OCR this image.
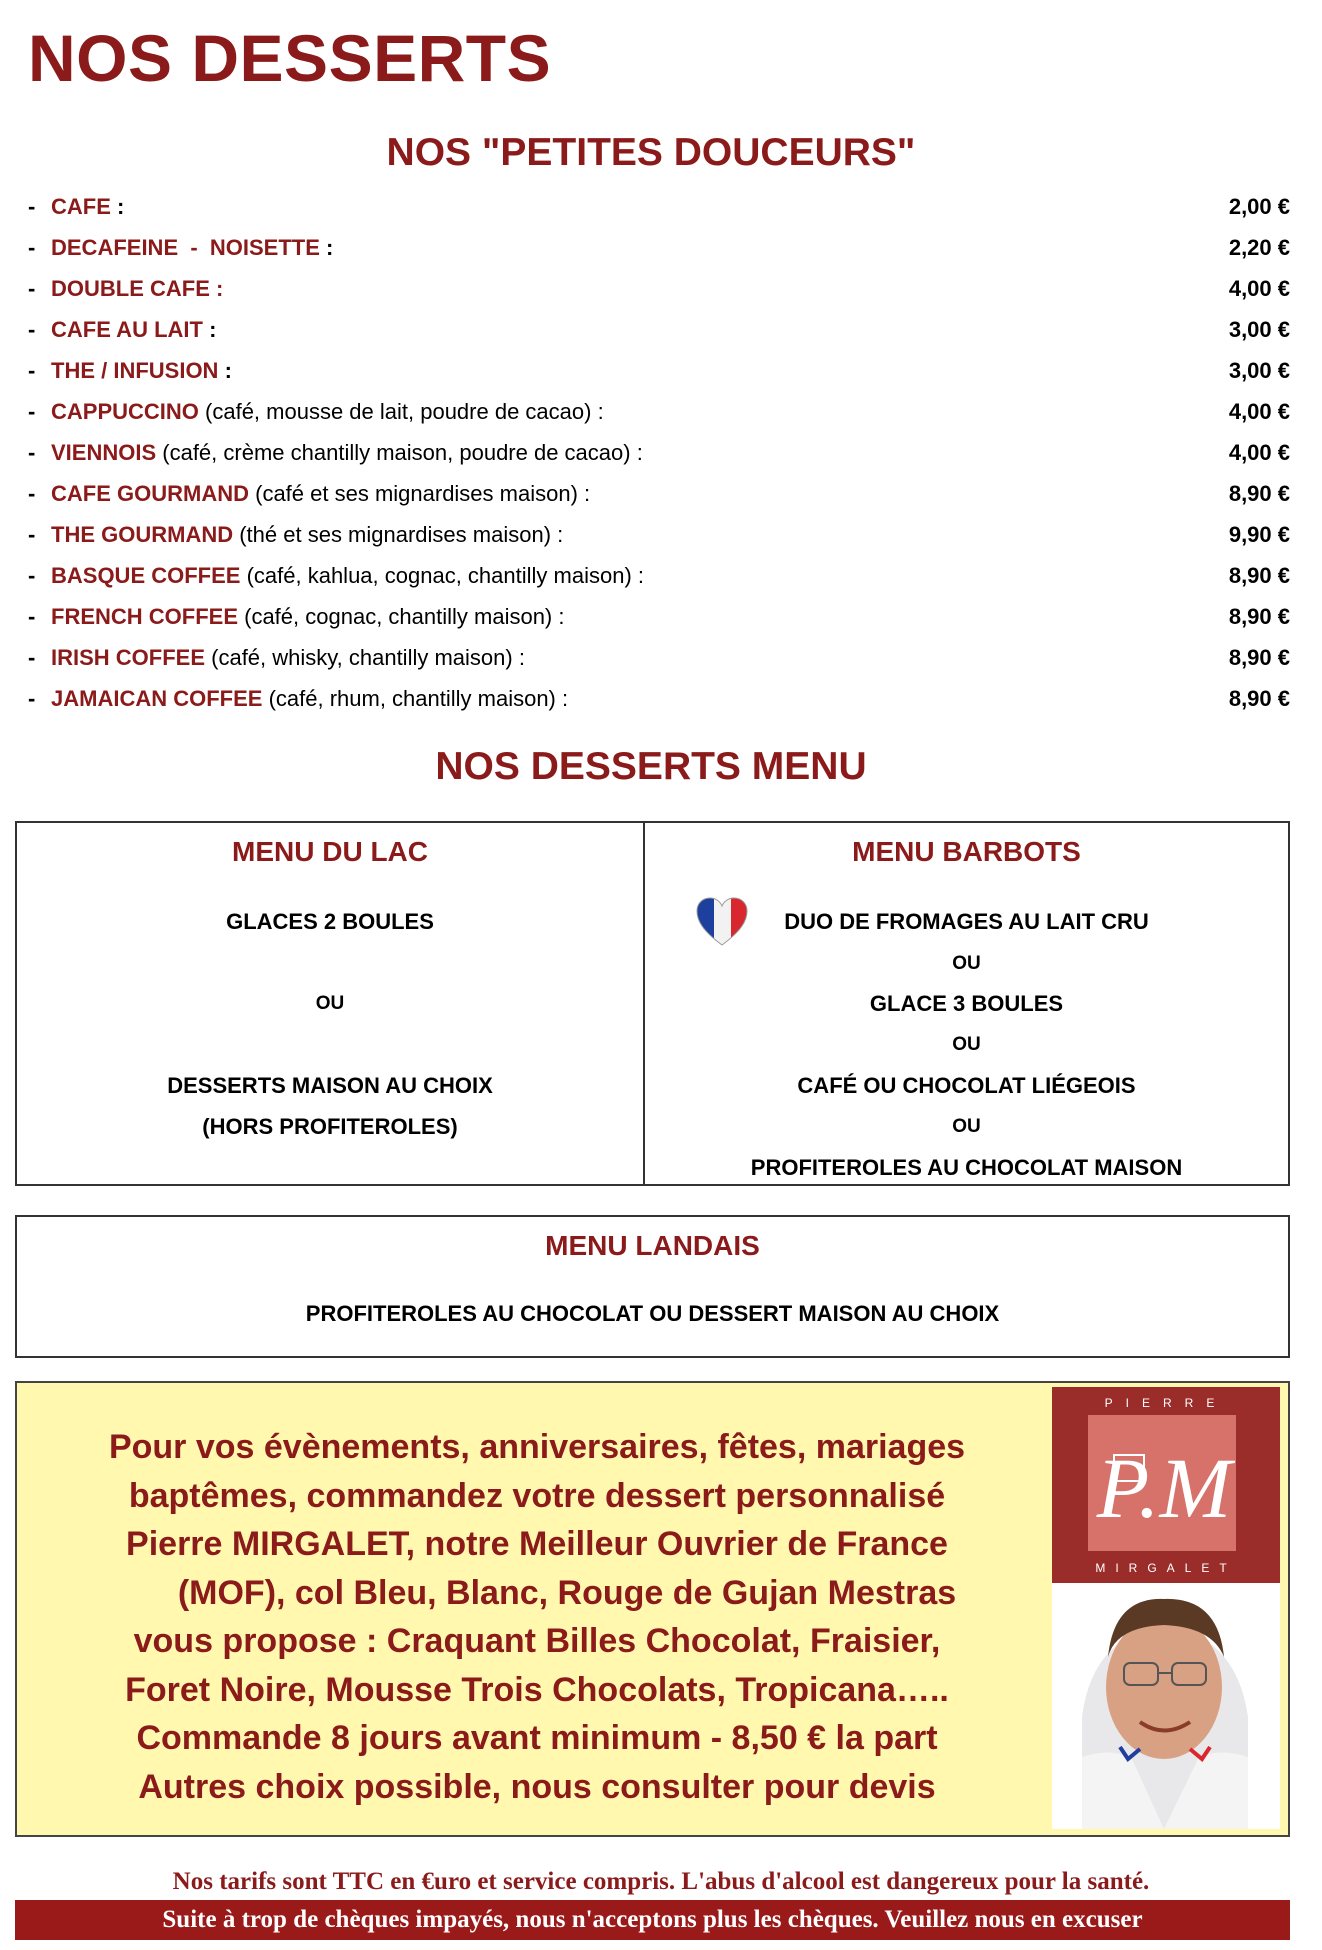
NOS DESSERTS
NOS "PETITES DOUCEURS"
- CAFE :	2,00 €
- DECAFEINE  -  NOISETTE :	2,20 €
- DOUBLE CAFE :	4,00 €
- CAFE AU LAIT :	3,00 €
- THE / INFUSION :	3,00 €
- CAPPUCCINO (café, mousse de lait, poudre de cacao) :	4,00 €
- VIENNOIS (café, crème chantilly maison, poudre de cacao) :	4,00 €
- CAFE GOURMAND (café et ses mignardises maison) :	8,90 €
- THE GOURMAND (thé et ses mignardises maison) :	9,90 €
- BASQUE COFFEE (café, kahlua, cognac, chantilly maison) :	8,90 €
- FRENCH COFFEE (café, cognac, chantilly maison) :	8,90 €
- IRISH COFFEE (café, whisky, chantilly maison) :	8,90 €
- JAMAICAN COFFEE (café, rhum, chantilly maison) :	8,90 €
NOS DESSERTS MENU
MENU DU LAC
GLACES 2 BOULES
OU
DESSERTS MAISON AU CHOIX
(HORS PROFITEROLES)
MENU BARBOTS
DUO DE FROMAGES AU LAIT CRU
OU
GLACE 3 BOULES
OU
CAFÉ OU CHOCOLAT LIÉGEOIS
OU
PROFITEROLES AU CHOCOLAT MAISON
MENU LANDAIS
PROFITEROLES AU CHOCOLAT OU DESSERT MAISON AU CHOIX
Pour vos évènements, anniversaires, fêtes, mariages
baptêmes, commandez votre dessert personnalisé
Pierre MIRGALET, notre Meilleur Ouvrier de France
(MOF), col Bleu, Blanc, Rouge de Gujan Mestras
vous propose : Craquant Billes Chocolat, Fraisier,
Foret Noire, Mousse Trois Chocolats, Tropicana…..
Commande 8 jours avant minimum - 8,50 € la part
Autres choix possible, nous consulter pour devis
PIERRE
P.M
MIRGALET
Nos tarifs sont TTC en €uro et service compris. L'abus d'alcool est dangereux pour la santé.
Suite à trop de chèques impayés, nous n'acceptons plus les chèques. Veuillez nous en excuser
